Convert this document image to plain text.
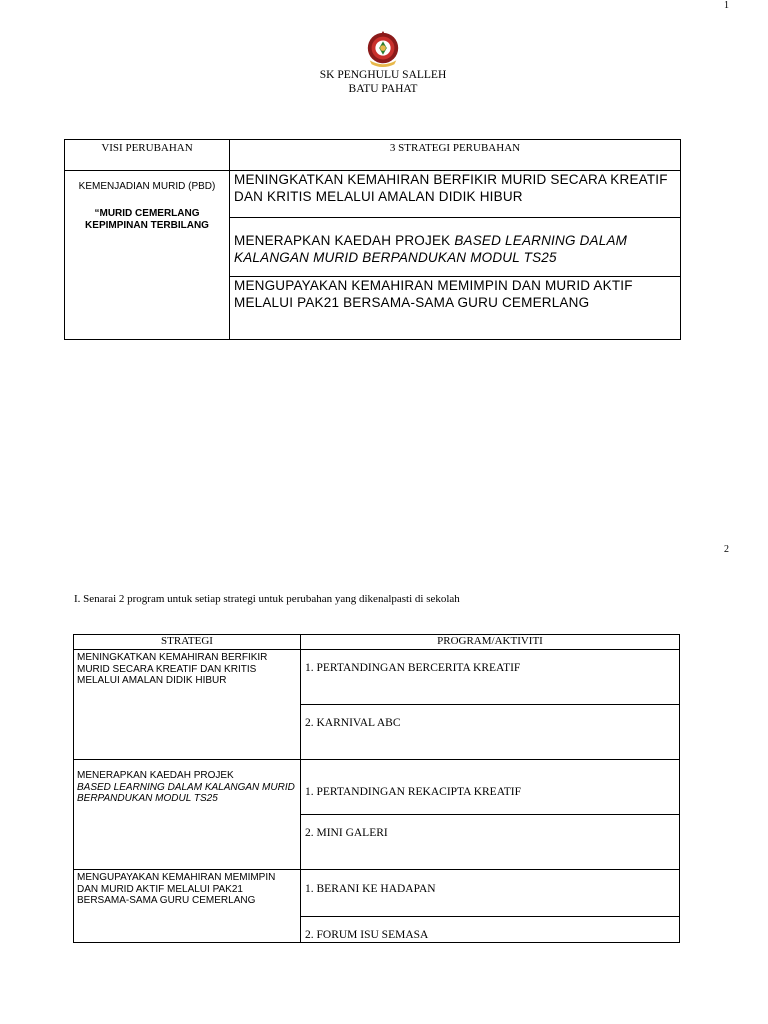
1
SK PENGHULU SALLEH
BATU PAHAT
VISI PERUBAHAN	3 STRATEGI PERUBAHAN

KEMENJADIAN MURID (PBD)
“MURID CEMERLANG KEPIMPINAN TERBILANG	MENINGKATKAN KEMAHIRAN BERFIKIR MURID SECARA KREATIF DAN KRITIS MELALUI AMALAN DIDIK HIBUR
	MENERAPKAN KAEDAH PROJEK BASED LEARNING DALAM KALANGAN MURID BERPANDUKAN MODUL TS25
	MENGUPAYAKAN KEMAHIRAN MEMIMPIN DAN MURID AKTIF MELALUI PAK21 BERSAMA-SAMA GURU CEMERLANG
2
I. Senarai 2 program untuk setiap strategi untuk perubahan yang dikenalpasti di sekolah
STRATEGI	PROGRAM/AKTIVITI
MENINGKATKAN KEMAHIRAN BERFIKIR MURID SECARA KREATIF DAN KRITIS MELALUI AMALAN DIDIK HIBUR	1. PERTANDINGAN BERCERITA KREATIF
	2. KARNIVAL ABC

MENERAPKAN KAEDAH PROJEK
BASED LEARNING DALAM KALANGAN MURID BERPANDUKAN MODUL TS25	1. PERTANDINGAN REKACIPTA KREATIF
	2. MINI GALERI
MENGUPAYAKAN KEMAHIRAN MEMIMPIN DAN MURID AKTIF MELALUI PAK21 BERSAMA-SAMA GURU CEMERLANG	1. BERANI KE HADAPAN
	2. FORUM ISU SEMASA
